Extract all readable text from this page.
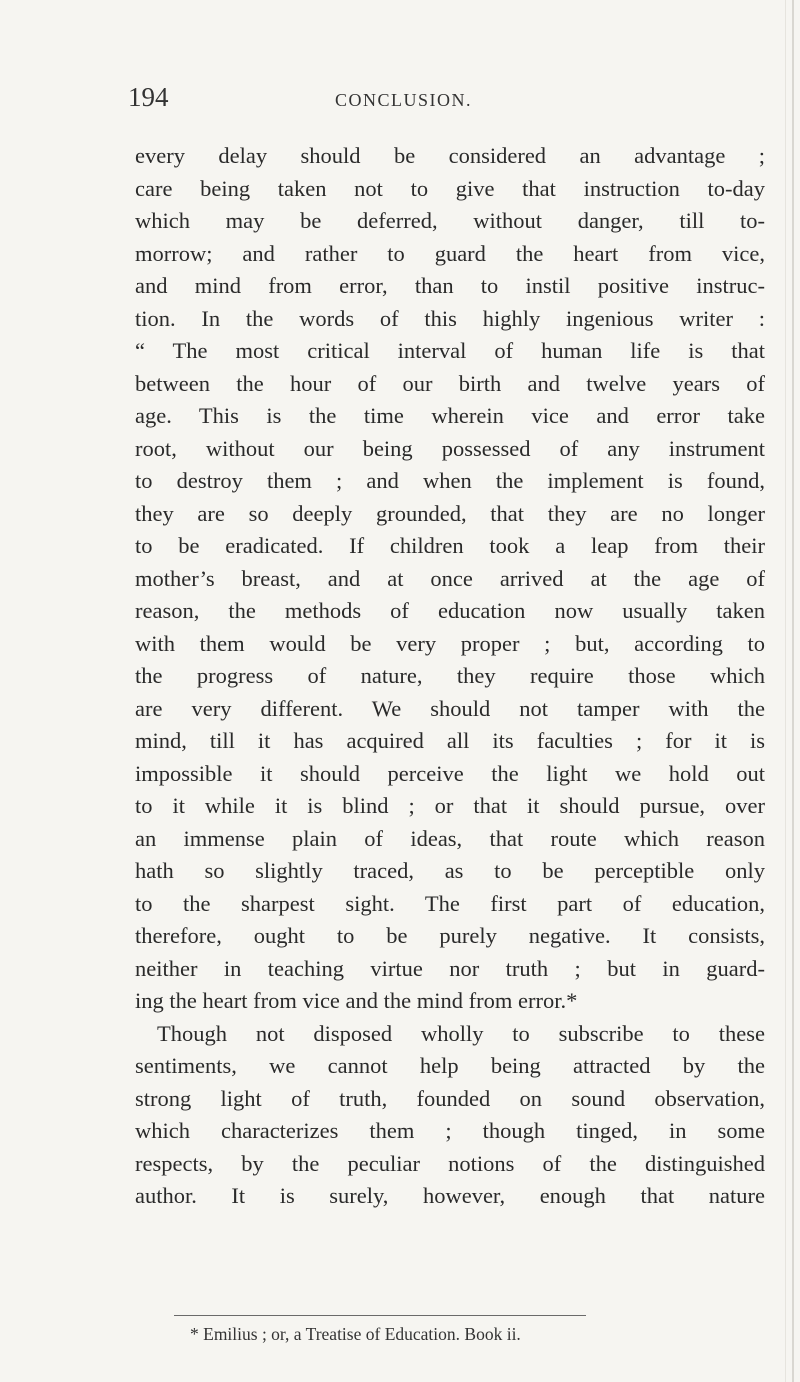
194	CONCLUSION.
every delay should be considered an advantage ;
care being taken not to give that instruction to-day
which may be deferred, without danger, till to-
morrow; and rather to guard the heart from vice,
and mind from error, than to instil positive instruc-
tion. In the words of this highly ingenious writer :
“ The most critical interval of human life is that
between the hour of our birth and twelve years of
age. This is the time wherein vice and error take
root, without our being possessed of any instrument
to destroy them ; and when the implement is found,
they are so deeply grounded, that they are no longer
to be eradicated. If children took a leap from their
mother’s breast, and at once arrived at the age of
reason, the methods of education now usually taken
with them would be very proper ; but, according to
the progress of nature, they require those which
are very different. We should not tamper with the
mind, till it has acquired all its faculties ; for it is
impossible it should perceive the light we hold out
to it while it is blind ; or that it should pursue, over
an immense plain of ideas, that route which reason
hath so slightly traced, as to be perceptible only
to the sharpest sight. The first part of education,
therefore, ought to be purely negative. It consists,
neither in teaching virtue nor truth ; but in guard-
ing the heart from vice and the mind from error.*
Though not disposed wholly to subscribe to these
sentiments, we cannot help being attracted by the
strong light of truth, founded on sound observation,
which characterizes them ; though tinged, in some
respects, by the peculiar notions of the distinguished
author. It is surely, however, enough that nature
* Emilius ; or, a Treatise of Education. Book ii.
